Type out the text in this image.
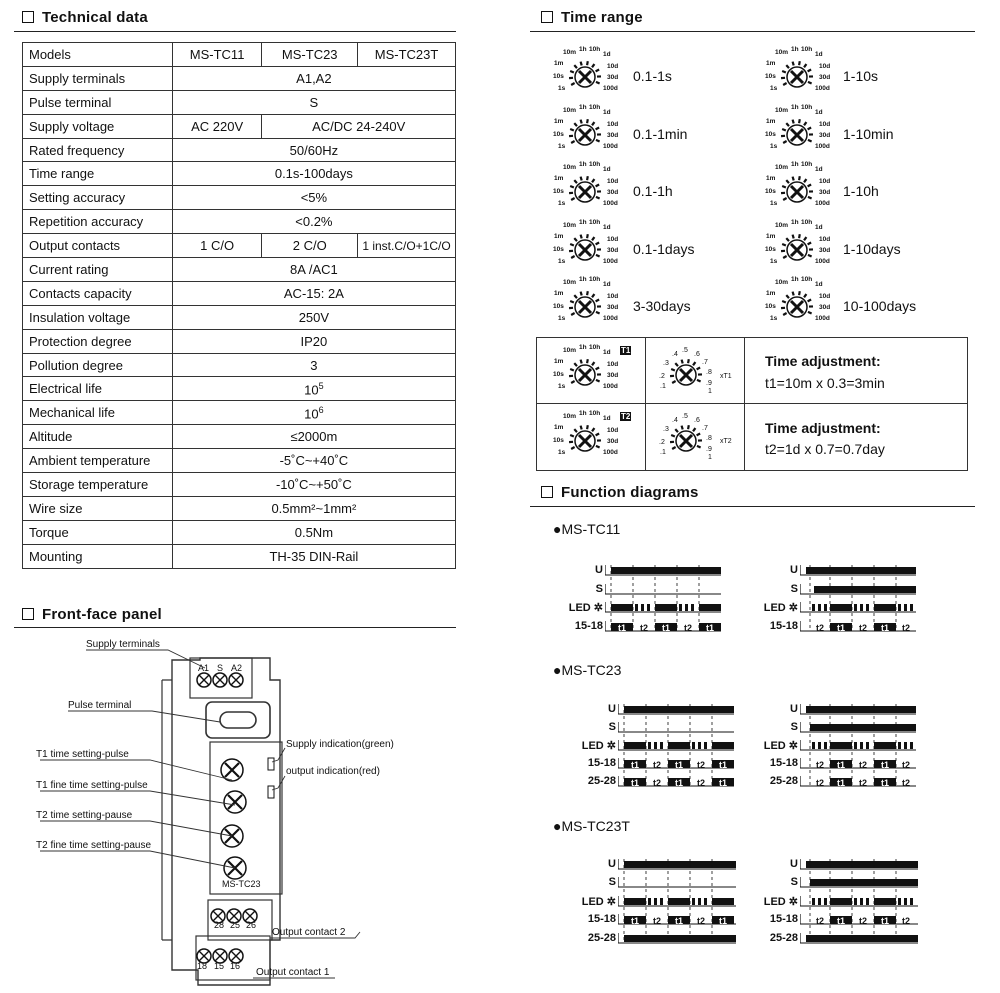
Technical data
Models	MS-TC11	MS-TC23	MS-TC23T
Supply terminals	A1,A2		
Pulse terminal	S		
Supply voltage	AC 220V	AC/DC 24-240V	
Rated frequency	50/60Hz		
Time range	0.1s-100days		
Setting accuracy	<5%		
Repetition accuracy	<0.2%		
Output contacts	1 C/O	2 C/O	1 inst.C/O+1C/O
Current rating	8A /AC1		
Contacts capacity	AC-15: 2A		
Insulation voltage	250V		
Protection degree	IP20		
Pollution degree	3		
Electrical life	$10^5$
Mechanical life	$10^6$
Altitude	≤2000m		
Ambient temperature	-5˚C~+40˚C		
Storage temperature	-10˚C~+50˚C		
Wire size	0.5mm²~1mm²		
Torque	0.5Nm		
Mounting	TH-35 DIN-Rail		
Front-face panel
A1 S A2
28 25 26
18 15 16
MS-TC23
Supply terminals
Pulse terminal
T1 time setting-pulse
T1 fine time setting-pulse
T2 time setting-pause
T2 fine time setting-pause
Supply indication(green)
output indication(red)
Output contact 2
Output contact 1
Time range
10m 1h 10h
1d
1m	10d
10s	30d
1s	100d
10m 1h 10h
1d
1m	10d
10s	30d
1s	100d
10m 1h 10h
1d
1m	10d
10s	30d
1s	100d
10m 1h 10h
1d
1m	10d
10s	30d
1s	100d
10m 1h 10h
1d
1m	10d
10s	30d
1s	100d
10m 1h 10h
1d
1m	10d
10s	30d
1s	100d
10m 1h 10h
1d
1m	10d
10s	30d
1s	100d
10m 1h 10h
1d
1m	10d
10s	30d
1s	100d
10m 1h 10h
1d
1m	10d
10s	30d
1s	100d
10m 1h 10h
1d
1m	10d
10s	30d
1s	100d
10m 1h 10h
1d
1m	10d
10s	30d
1s	100d
10m 1h 10h
1d
1m	10d
10s	30d
1s	100d
.3
.4
.5
.6
.7
.2
.8
.1	.9
1
.3
.4
.5
.6
.7
.2
.8
.1	.9
1
0.1-1s	1-10s
0.1-1min	1-10min
0.1-1h	1-10h
0.1-1days	1-10days
3-30days	10-100days
T1
T2
xT1
xT2
Time adjustment:
t1=10m x 0.3=3min
Time adjustment:
t2=1d x 0.7=0.7day
Function diagrams
●MS-TC11
●MS-TC23
●MS-TC23T
t1 t2 t1 t2 t1
U
S
LED ✲
15-18	t2 t1 t2 t1 t2
U
S
LED ✲
15-18
t1 t2 t1 t2 t1
t1 t2 t1 t2 t1
U
S
LED ✲
15-18
25-28
t2 t1 t2 t1 t2
t2 t1 t2 t1 t2
U
S
LED ✲
15-18
25-28
t1 t2 t1 t2 t1
U
S
LED ✲
15-18
25-28
t2 t1 t2 t1 t2
U
S
LED ✲
15-18
25-28
